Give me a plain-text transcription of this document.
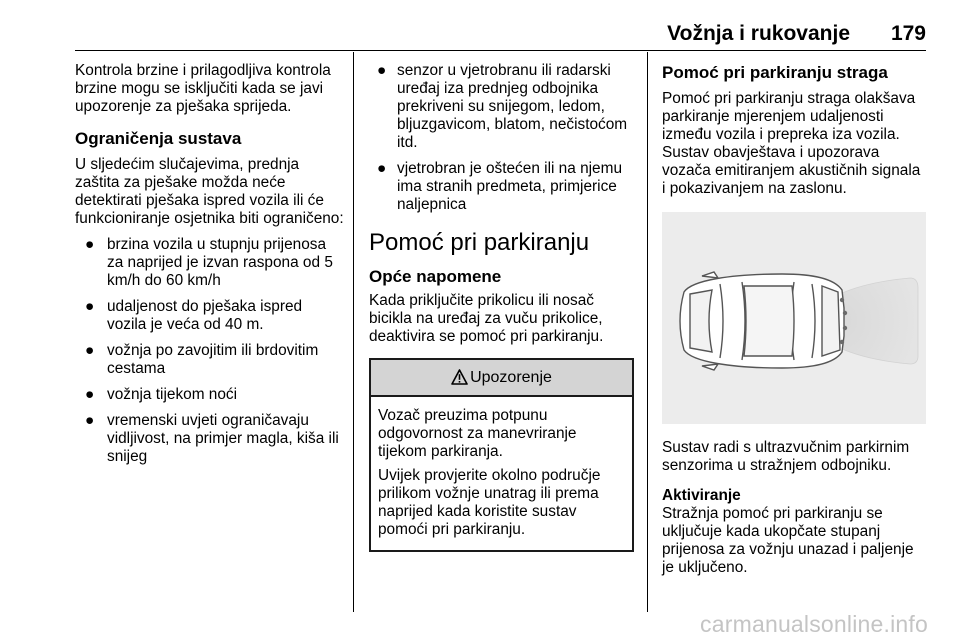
Vožnja i rukovanje	179

Kontrola brzine i prilagodljiva kontrola brzine mogu se isključiti kada se javi upozorenje za pješaka sprijeda.

Ograničenja sustava

U sljedećim slučajevima, prednja zaštita za pješake možda neće detektirati pješaka ispred vozila ili će funkcioniranje osjetnika biti ograničeno:

● brzina vozila u stupnju prijenosa za naprijed je izvan raspona od 5 km/h do 60 km/h
● udaljenost do pješaka ispred vozila je veća od 40 m.
● vožnja po zavojitim ili brdovitim cestama
● vožnja tijekom noći
● vremenski uvjeti ograničavaju vidljivost, na primjer magla, kiša ili snijeg
● senzor u vjetrobranu ili radarski uređaj iza prednjeg odbojnika prekriveni su snijegom, ledom, bljuzgavicom, blatom, nečistoćom itd.
● vjetrobran je oštećen ili na njemu ima stranih predmeta, primjerice naljepnica

Pomoć pri parkiranju

Opće napomene

Kada priključite prikolicu ili nosač bicikla na uređaj za vuču prikolice, deaktivira se pomoć pri parkiranju.

Upozorenje

Vozač preuzima potpunu odgovornost za manevriranje tijekom parkiranja.

Uvijek provjerite okolno područje prilikom vožnje unatrag ili prema naprijed kada koristite sustav pomoći pri parkiranju.

Pomoć pri parkiranju straga

Pomoć pri parkiranju straga olakšava parkiranje mjerenjem udaljenosti između vozila i prepreka iza vozila. Sustav obavještava i upozorava vozača emitiranjem akustičnih signala i pokazivanjem na zaslonu.

Sustav radi s ultrazvučnim parkirnim senzorima u stražnjem odbojniku.

Aktiviranje

Stražnja pomoć pri parkiranju se uključuje kada ukopčate stupanj prijenosa za vožnju unazad i paljenje je uključeno.

carmanualsonline.info
